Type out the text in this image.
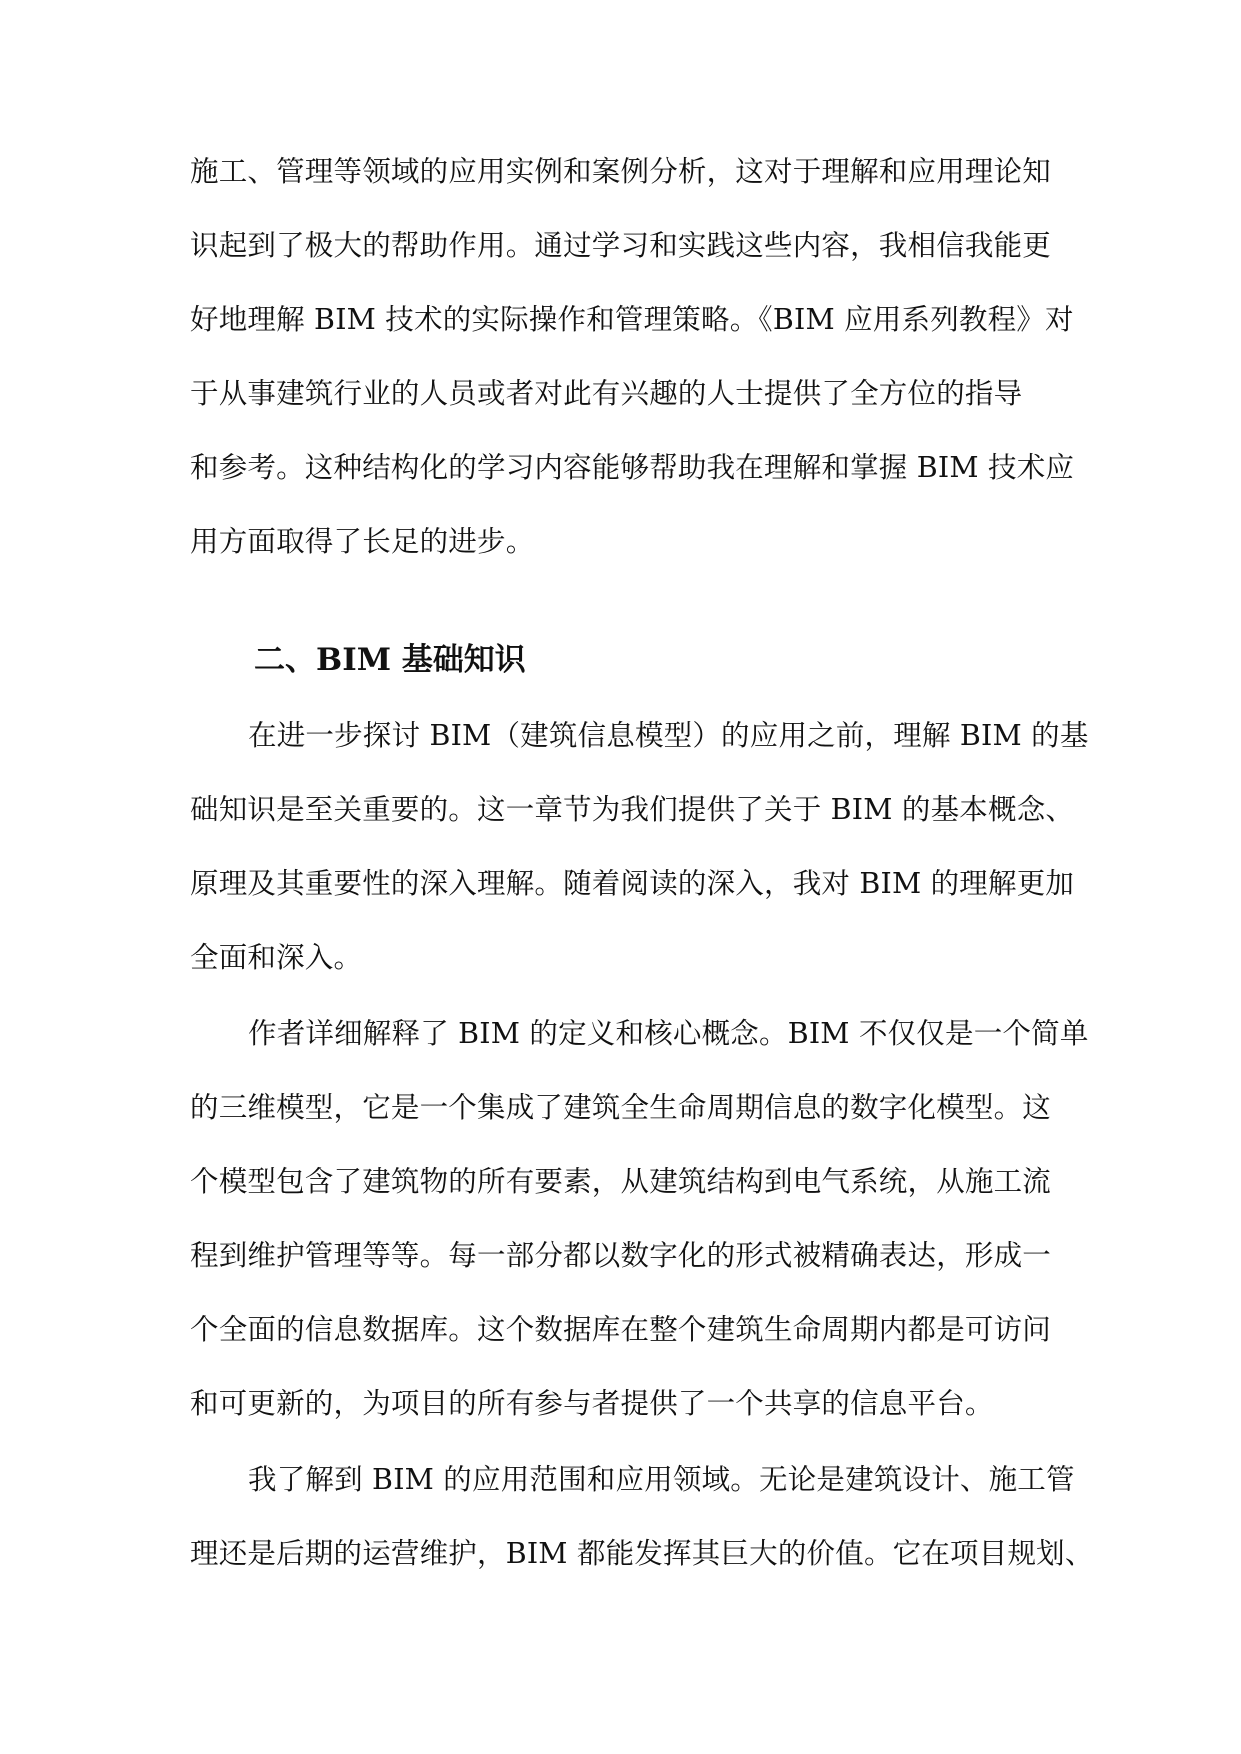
施工、管理等领域的应用实例和案例分析，这对于理解和应用理论知
识起到了极大的帮助作用。通过学习和实践这些内容，我相信我能更
好地理解 BIM 技术的实际操作和管理策略。《BIM 应用系列教程》对
于从事建筑行业的人员或者对此有兴趣的人士提供了全方位的指导
和参考。这种结构化的学习内容能够帮助我在理解和掌握 BIM 技术应
用方面取得了长足的进步。
二、BIM 基础知识
在进一步探讨 BIM（建筑信息模型）的应用之前，理解 BIM 的基
础知识是至关重要的。这一章节为我们提供了关于 BIM 的基本概念、
原理及其重要性的深入理解。随着阅读的深入，我对 BIM 的理解更加
全面和深入。
作者详细解释了 BIM 的定义和核心概念。BIM 不仅仅是一个简单
的三维模型，它是一个集成了建筑全生命周期信息的数字化模型。这
个模型包含了建筑物的所有要素，从建筑结构到电气系统，从施工流
程到维护管理等等。每一部分都以数字化的形式被精确表达，形成一
个全面的信息数据库。这个数据库在整个建筑生命周期内都是可访问
和可更新的，为项目的所有参与者提供了一个共享的信息平台。
我了解到 BIM 的应用范围和应用领域。无论是建筑设计、施工管
理还是后期的运营维护，BIM 都能发挥其巨大的价值。它在项目规划、
